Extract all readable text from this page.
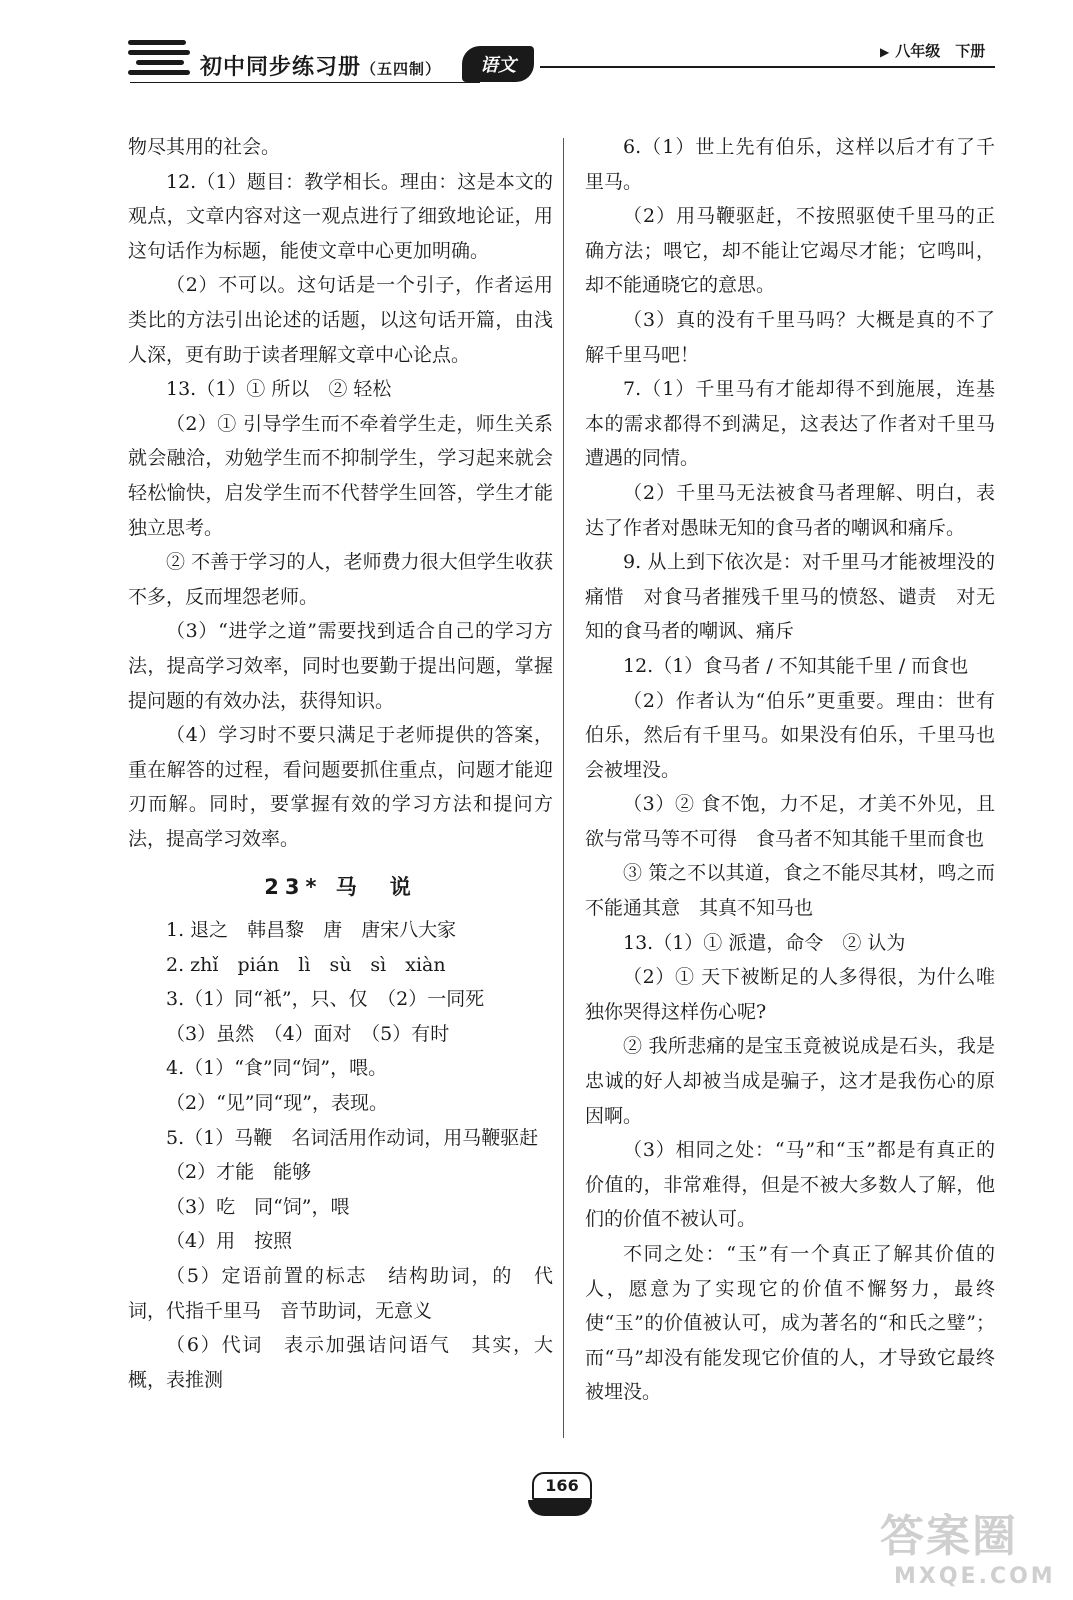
初中同步练习册（五四制）	语文
▶ 八年级　下册

物尽其用的社会。

12.（1）题目：教学相长。理由：这是本文的观点，文章内容对这一观点进行了细致地论证，用这句话作为标题，能使文章中心更加明确。

（2）不可以。这句话是一个引子，作者运用类比的方法引出论述的话题，以这句话开篇，由浅人深，更有助于读者理解文章中心论点。

13.（1）① 所以　② 轻松

（2）① 引导学生而不牵着学生走，师生关系就会融洽，劝勉学生而不抑制学生，学习起来就会轻松愉快，启发学生而不代替学生回答，学生才能独立思考。

② 不善于学习的人，老师费力很大但学生收获不多，反而埋怨老师。

（3）“进学之道”需要找到适合自己的学习方法，提高学习效率，同时也要勤于提出问题，掌握提问题的有效办法，获得知识。

（4）学习时不要只满足于老师提供的答案，重在解答的过程，看问题要抓住重点，问题才能迎刃而解。同时，要掌握有效的学习方法和提问方法，提高学习效率。

23* 马　说

1. 退之　韩昌黎　唐　唐宋八大家

2. zhǐ　pián　lì　sù　sì　xiàn

3.（1）同“衹”，只、仅　（2）一同死

（3）虽然　（4）面对　（5）有时

4.（1）“食”同“饲”，喂。

（2）“见”同“现”，表现。

5.（1）马鞭　名词活用作动词，用马鞭驱赶

（2）才能　能够

（3）吃　同“饲”，喂

（4）用　按照

（5）定语前置的标志　结构助词，的　代词，代指千里马　音节助词，无意义

（6）代词　表示加强诘问语气　其实，大概，表推测

6.（1）世上先有伯乐，这样以后才有了千里马。

（2）用马鞭驱赶，不按照驱使千里马的正确方法；喂它，却不能让它竭尽才能；它鸣叫，却不能通晓它的意思。

（3）真的没有千里马吗？大概是真的不了解千里马吧！

7.（1）千里马有才能却得不到施展，连基本的需求都得不到满足，这表达了作者对千里马遭遇的同情。

（2）千里马无法被食马者理解、明白，表达了作者对愚昧无知的食马者的嘲讽和痛斥。

9. 从上到下依次是：对千里马才能被埋没的痛惜　对食马者摧残千里马的愤怒、谴责　对无知的食马者的嘲讽、痛斥

12.（1）食马者 / 不知其能千里 / 而食也

（2）作者认为“伯乐”更重要。理由：世有伯乐，然后有千里马。如果没有伯乐，千里马也会被埋没。

（3）② 食不饱，力不足，才美不外见，且欲与常马等不可得　食马者不知其能千里而食也

③ 策之不以其道，食之不能尽其材，鸣之而不能通其意　其真不知马也

13.（1）① 派遣，命令　② 认为

（2）① 天下被断足的人多得很，为什么唯独你哭得这样伤心呢?

② 我所悲痛的是宝玉竟被说成是石头，我是忠诚的好人却被当成是骗子，这才是我伤心的原因啊。

（3）相同之处：“马”和“玉”都是有真正的价值的，非常难得，但是不被大多数人了解，他们的价值不被认可。

不同之处：“玉”有一个真正了解其价值的人，愿意为了实现它的价值不懈努力，最终使“玉”的价值被认可，成为著名的“和氏之璧”；而“马”却没有能发现它价值的人，才导致它最终被埋没。

166
答案圈
MXQE.COM
